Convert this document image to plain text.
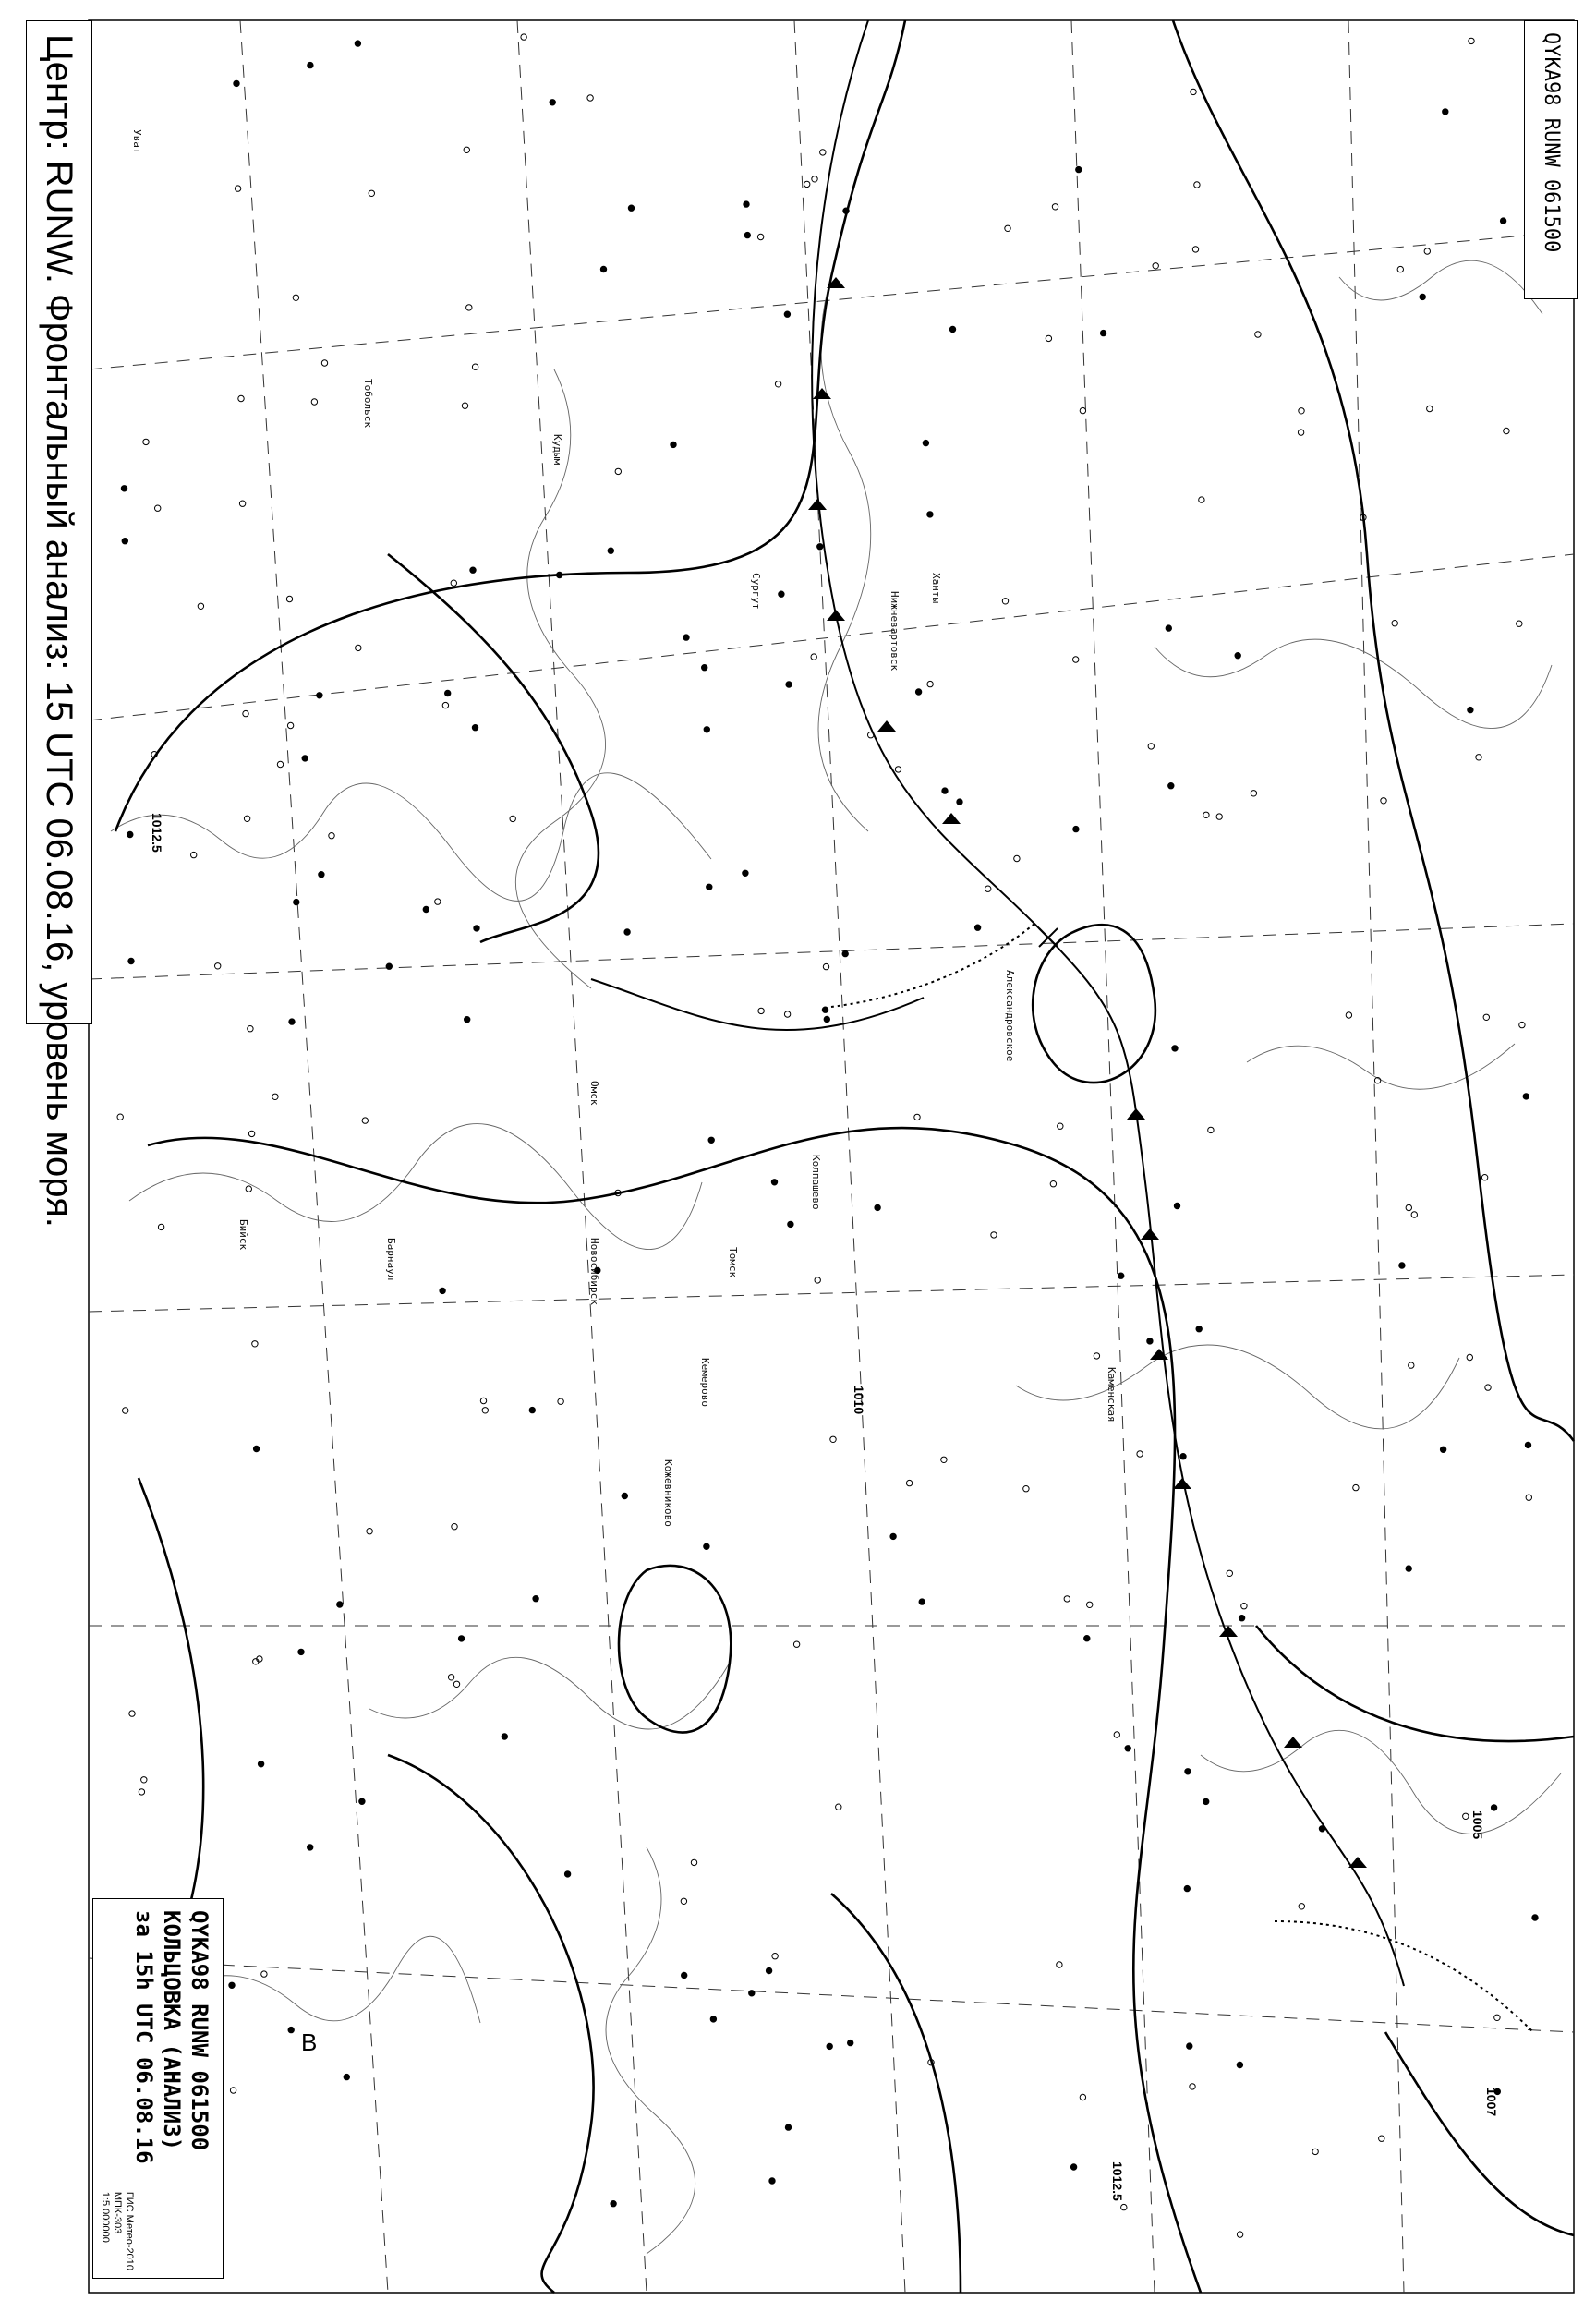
1012.5
1010
1007
1005
1012.5
Омск
Новосибирск
Кемерово
Томск
Барнаул
Сургут
Колпашево
Бийск
Нижневартовск
Каменская
Кудым
Ханты
Александровское
Уват
Тобольск
Кожевниково
В
Центр: RUNW. Фронтальный анализ: 15 UTC 06.08.16, уровень моря.	QYKA98 RUNW 061500
QYKA98 RUNW 061500
КОЛЬЦОВКА (АНАЛИЗ)
за 15h UTC 06.08.16
ГИС Метео-2010
МПК-303
1:5 000000
